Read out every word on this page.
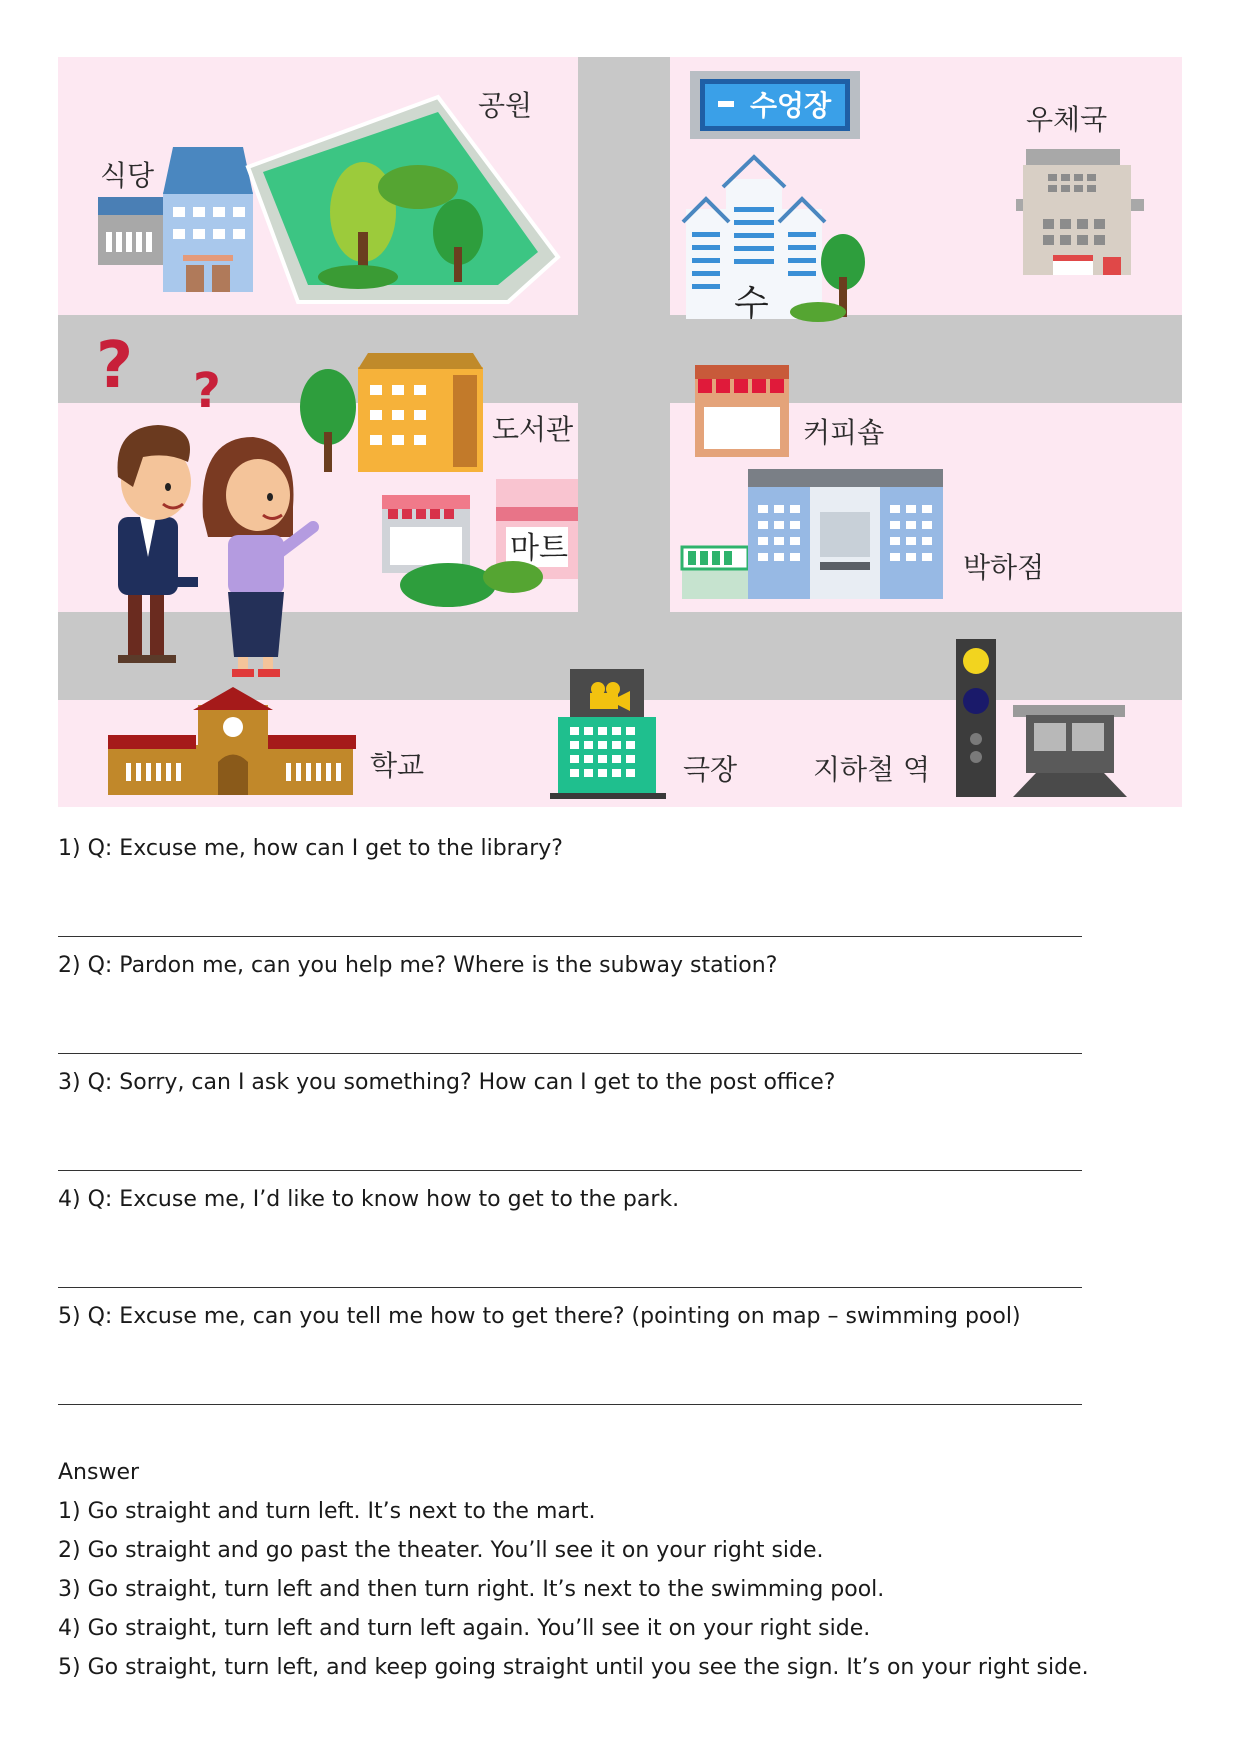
식당
공원	수엉장
수
우체국
? ?
도서관
마트
커피숍
박하점
학교	극장	지하철 역
1) Q: Excuse me, how can I get to the library?
2) Q: Pardon me, can you help me? Where is the subway station?
3) Q: Sorry, can I ask you something? How can I get to the post office?
4) Q: Excuse me, I’d like to know how to get to the park.
5) Q: Excuse me, can you tell me how to get there? (pointing on map – swimming pool)
Answer
1) Go straight and turn left. It’s next to the mart.
2) Go straight and go past the theater. You’ll see it on your right side.
3) Go straight, turn left and then turn right. It’s next to the swimming pool.
4) Go straight, turn left and turn left again. You’ll see it on your right side.
5) Go straight, turn left, and keep going straight until you see the sign. It’s on your right side.
